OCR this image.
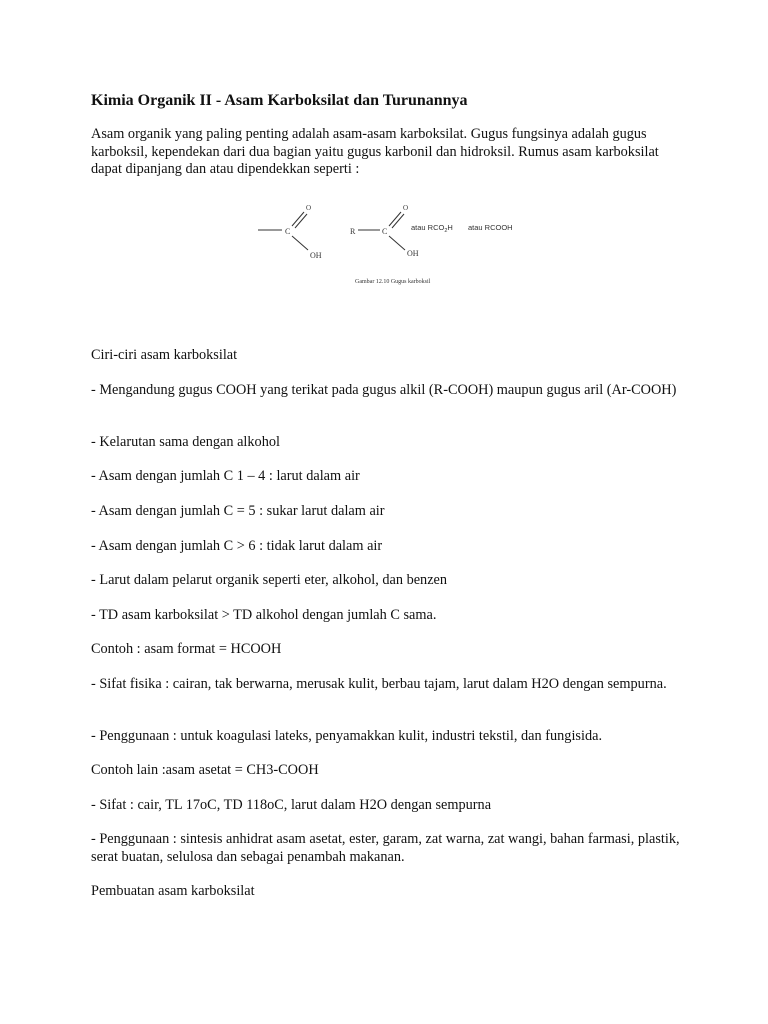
Kimia Organik II - Asam Karboksilat dan Turunannya

Asam organik yang paling penting adalah asam-asam karboksilat. Gugus fungsinya adalah gugus karboksil, kependekan dari dua bagian yaitu gugus karbonil dan hidroksil. Rumus asam karboksilat dapat dipanjang dan atau dipendekkan seperti :

C
O
OH
R	C
O
OH
atau $RCO_2H$ atau RCOOH
Gambar 12.10 Gugus karboksil

Ciri-ciri asam karboksilat

- Mengandung gugus COOH yang terikat pada gugus alkil (R-COOH) maupun gugus aril (Ar-COOH)

- Kelarutan sama dengan alkohol

- Asam dengan jumlah C 1 – 4 : larut dalam air

- Asam dengan jumlah C = 5 : sukar larut dalam air

- Asam dengan jumlah C > 6 : tidak larut dalam air

- Larut dalam pelarut organik seperti eter, alkohol, dan benzen

- TD asam karboksilat > TD alkohol dengan jumlah C sama.

Contoh : asam format = HCOOH

- Sifat fisika : cairan, tak berwarna, merusak kulit, berbau tajam, larut dalam H2O dengan sempurna.

- Penggunaan : untuk koagulasi lateks, penyamakkan kulit, industri tekstil, dan fungisida.

Contoh lain :asam asetat = CH3-COOH

- Sifat : cair, TL 17oC, TD 118oC, larut dalam H2O dengan sempurna

- Penggunaan : sintesis anhidrat asam asetat, ester, garam, zat warna, zat wangi, bahan farmasi, plastik, serat buatan, selulosa dan sebagai penambah makanan.

Pembuatan asam karboksilat
